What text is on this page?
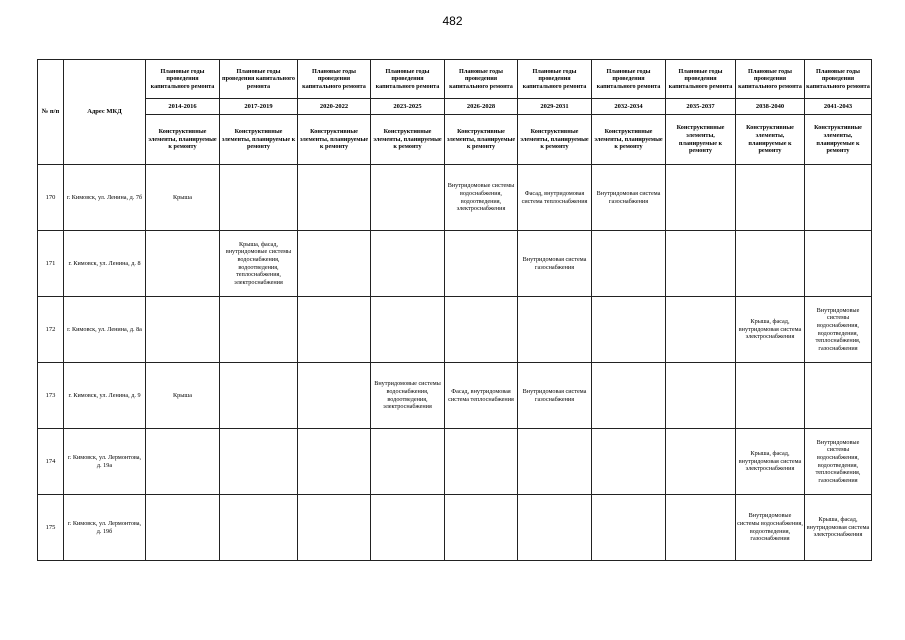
482
№ п/п	Адрес МКД	Плановые годы проведения капитального ремонта	Плановые годы проведения капитального ремонта	Плановые годы проведения капитального ремонта	Плановые годы проведения капитального ремонта	Плановые годы проведения капитального ремонта	Плановые годы проведения капитального ремонта	Плановые годы проведения капитального ремонта	Плановые годы проведения капитального ремонта	Плановые годы проведения капитального ремонта	Плановые годы проведения капитального ремонта
		2014-2016	2017-2019	2020-2022	2023-2025	2026-2028	2029-2031	2032-2034	2035-2037	2038-2040	2041-2043
		Конструктивные элементы, планируемые к ремонту	Конструктивные элементы, планируемые к ремонту	Конструктивные элементы, планируемые к ремонту	Конструктивные элементы, планируемые к ремонту	Конструктивные элементы, планируемые к ремонту	Конструктивные элементы, планируемые к ремонту	Конструктивные элементы, планируемые к ремонту	Конструктивные элементы, планируемые к ремонту	Конструктивные элементы, планируемые к ремонту	Конструктивные элементы, планируемые к ремонту
170	г. Кимовск, ул. Ленина, д. 7б	Крыша				Внутридомовые системы водоснабжения, водоотведения, электроснабжения	Фасад, внутридомовая система теплоснабжения	Внутридомовая система газоснабжения			
171	г. Кимовск, ул. Ленина, д. 8		Крыша, фасад, внутридомовые системы водоснабжения, водоотведения, теплоснабжения, электроснабжения				Внутридомовая система газоснабжения				
172	г. Кимовск, ул. Ленина, д. 8а									Крыша, фасад, внутридомовая система электроснабжения	Внутридомовые системы водоснабжения, водоотведения, теплоснабжения, газоснабжения
173	г. Кимовск, ул. Ленина, д. 9	Крыша			Внутридомовые системы водоснабжения, водоотведения, электроснабжения	Фасад, внутридомовая система теплоснабжения	Внутридомовая система газоснабжения				
174	г. Кимовск, ул. Лермонтова, д. 19а									Крыша, фасад, внутридомовая система электроснабжения	Внутридомовые системы водоснабжения, водоотведения, теплоснабжения, газоснабжения
175	г. Кимовск, ул. Лермонтова, д. 19б									Внутридомовые системы водоснабжения, водоотведения, газоснабжения	Крыша, фасад, внутридомовая система электроснабжения
